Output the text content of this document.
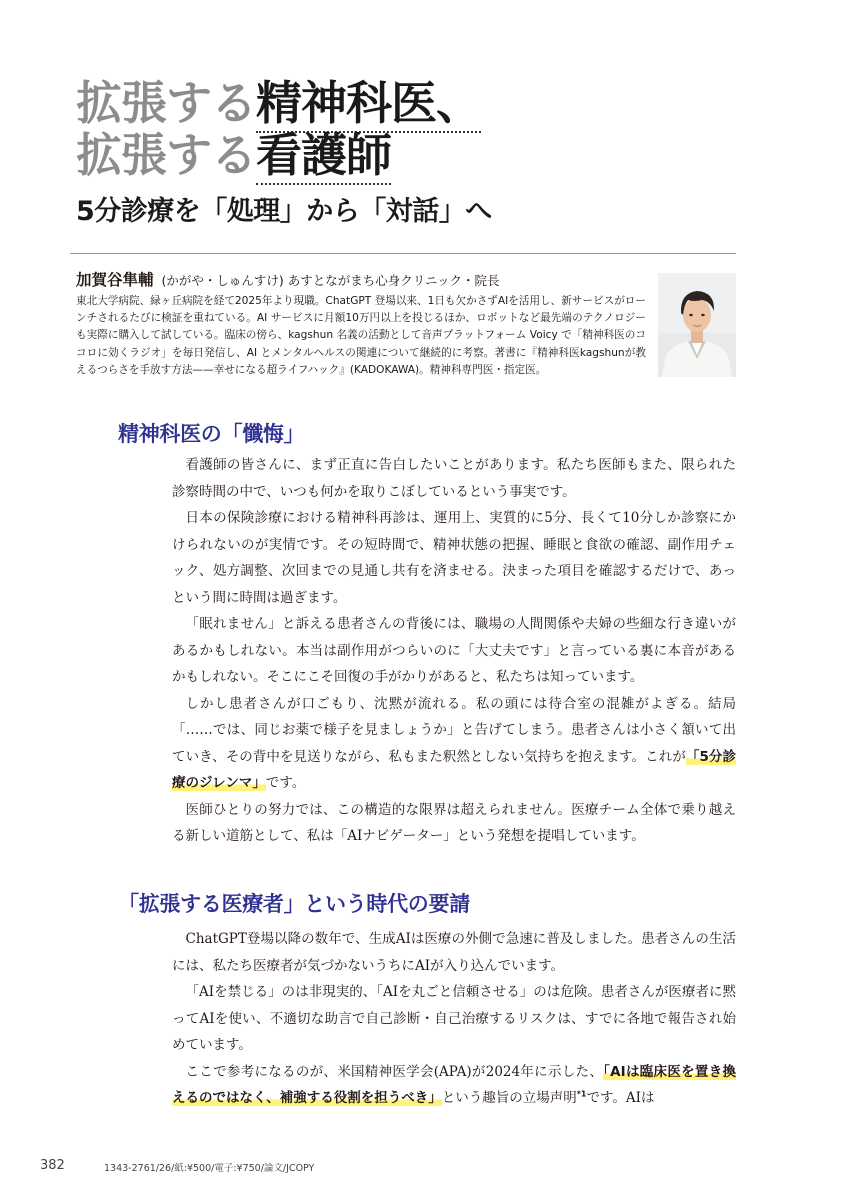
拡張する精神科医、
拡張する看護師
5分診療を「処理」から「対話」へ
加賀谷隼輔 (かがや・しゅんすけ) あすとながまち心身クリニック・院長

東北大学病院、緑ヶ丘病院を経て2025年より現職。ChatGPT 登場以来、1日も欠かさずAIを活用し、新サービスがローンチされるたびに検証を重ねている。AI サービスに月額10万円以上を投じるほか、ロボットなど最先端のテクノロジーも実際に購入して試している。臨床の傍ら、kagshun 名義の活動として音声プラットフォーム Voicy で「精神科医のココロに効くラジオ」を毎日発信し、AI とメンタルヘルスの関連について継続的に考察。著書に『精神科医kagshunが教えるつらさを手放す方法——幸せになる超ライフハック』(KADOKAWA)。精神科専門医・指定医。

精神科医の「懺悔」

看護師の皆さんに、まず正直に告白したいことがあります。私たち医師もまた、限られた診察時間の中で、いつも何かを取りこぼしているという事実です。

日本の保険診療における精神科再診は、運用上、実質的に5分、長くて10分しか診察にかけられないのが実情です。その短時間で、精神状態の把握、睡眠と食欲の確認、副作用チェック、処方調整、次回までの見通し共有を済ませる。決まった項目を確認するだけで、あっという間に時間は過ぎます。

「眠れません」と訴える患者さんの背後には、職場の人間関係や夫婦の些細な行き違いがあるかもしれない。本当は副作用がつらいのに「大丈夫です」と言っている裏に本音があるかもしれない。そこにこそ回復の手がかりがあると、私たちは知っています。

しかし患者さんが口ごもり、沈黙が流れる。私の頭には待合室の混雑がよぎる。結局「……では、同じお薬で様子を見ましょうか」と告げてしまう。患者さんは小さく頷いて出ていき、その背中を見送りながら、私もまた釈然としない気持ちを抱えます。これが「5分診療のジレンマ」です。

医師ひとりの努力では、この構造的な限界は超えられません。医療チーム全体で乗り越える新しい道筋として、私は「AIナビゲーター」という発想を提唱しています。

「拡張する医療者」という時代の要請

ChatGPT登場以降の数年で、生成AIは医療の外側で急速に普及しました。患者さんの生活には、私たち医療者が気づかないうちにAIが入り込んでいます。

「AIを禁じる」のは非現実的、「AIを丸ごと信頼させる」のは危険。患者さんが医療者に黙ってAIを使い、不適切な助言で自己診断・自己治療するリスクは、すでに各地で報告され始めています。

ここで参考になるのが、米国精神医学会(APA)が2024年に示した、「AIは臨床医を置き換えるのではなく、補強する役割を担うべき」という趣旨の立場声明$^{*1}$です。AIは

382	1343-2761/26/紙:¥500/電子:¥750/論文/JCOPY
